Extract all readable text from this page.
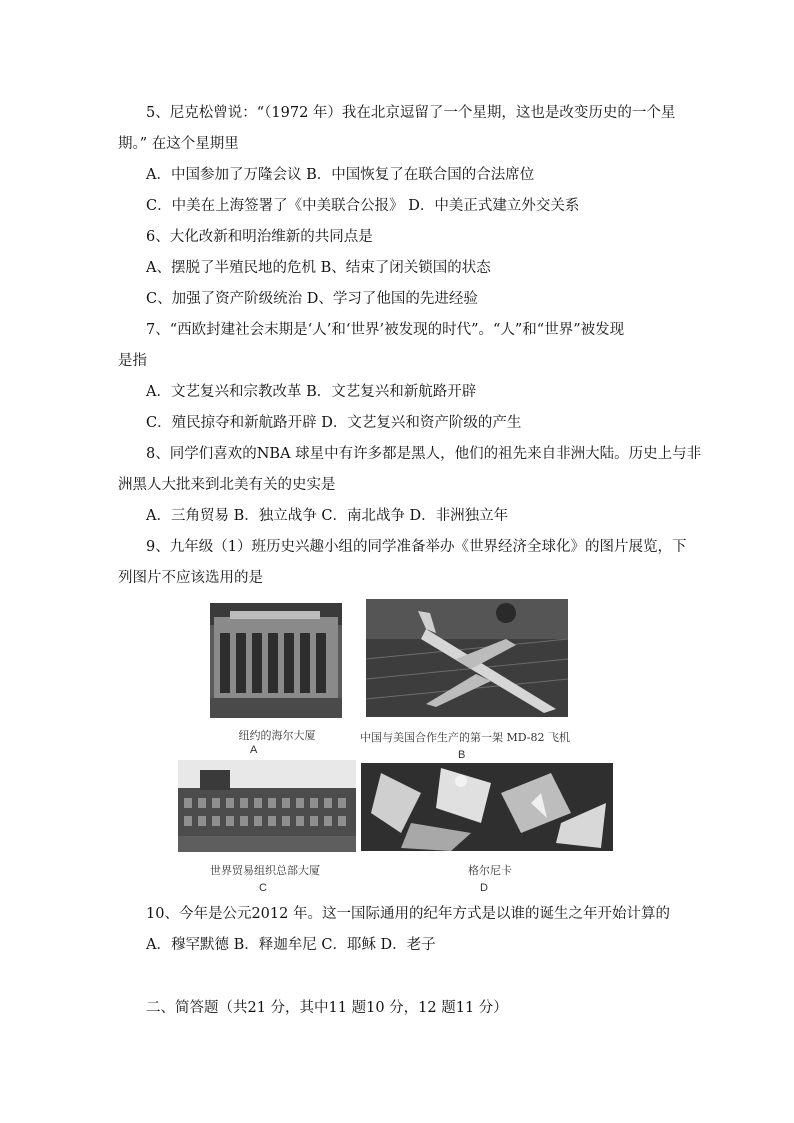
5、尼克松曾说：“（1972 年）我在北京逗留了一个星期，这也是改变历史的一个星
期。” 在这个星期里
A．中国参加了万隆会议 B．中国恢复了在联合国的合法席位
C．中美在上海签署了《中美联合公报》 D．中美正式建立外交关系
6、大化改新和明治维新的共同点是
A、摆脱了半殖民地的危机 B、结束了闭关锁国的状态
C、加强了资产阶级统治 D、学习了他国的先进经验
7、“西欧封建社会末期是‘人’和‘世界’被发现的时代”。“人”和“世界”被发现
是指
A．文艺复兴和宗教改革 B．文艺复兴和新航路开辟
C．殖民掠夺和新航路开辟 D．文艺复兴和资产阶级的产生
8、同学们喜欢的NBA 球星中有许多都是黑人，他们的祖先来自非洲大陆。历史上与非
洲黑人大批来到北美有关的史实是
A．三角贸易 B．独立战争 C．南北战争 D．非洲独立年
9、九年级（1）班历史兴趣小组的同学准备举办《世界经济全球化》的图片展览，下
列图片不应该选用的是
纽约的海尔大厦
A
中国与美国合作生产的第一架 MD-82 飞机
B
世界贸易组织总部大厦
C
格尔尼卡
D
10、今年是公元2012 年。这一国际通用的纪年方式是以谁的诞生之年开始计算的
A．穆罕默德 B．释迦牟尼 C．耶稣 D．老子
二、简答题（共21 分，其中11 题10 分，12 题11 分）
